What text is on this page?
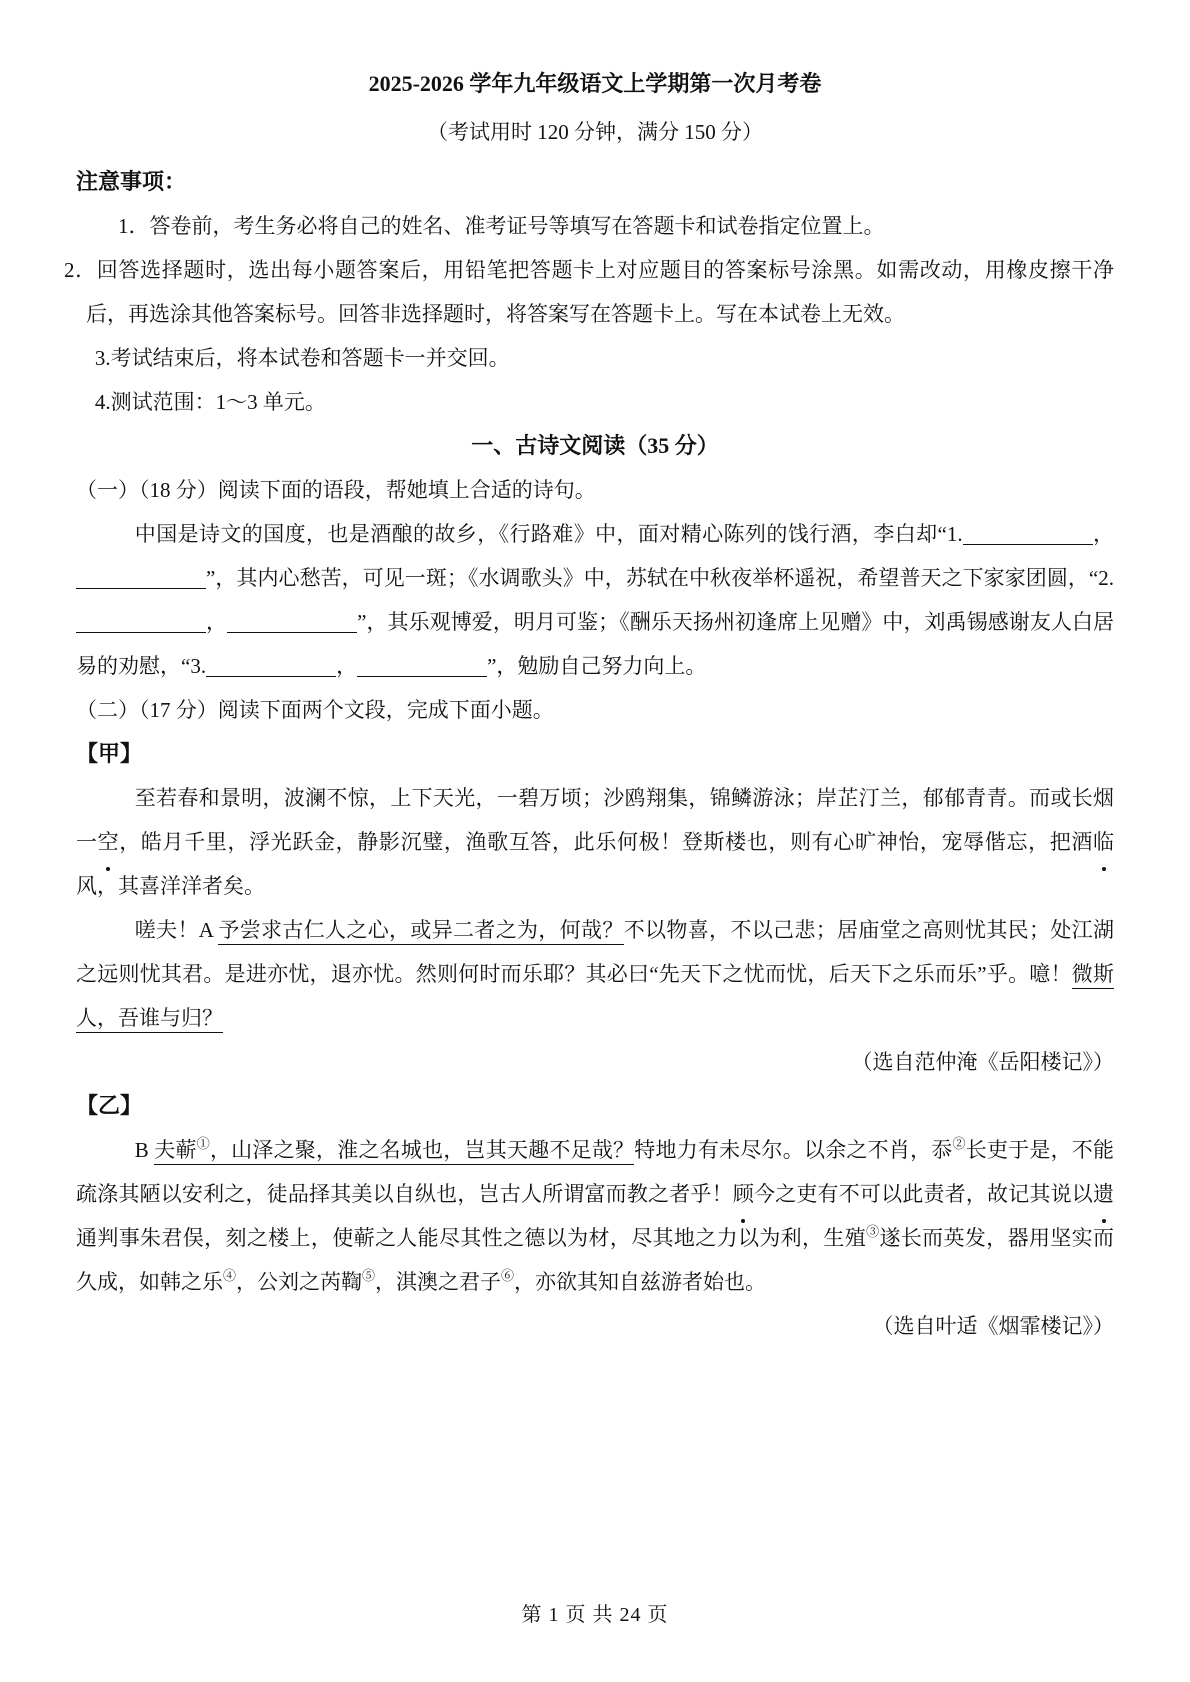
2025-2026 学年九年级语文上学期第一次月考卷
（考试用时 120 分钟，满分 150 分）
注意事项：
1．答卷前，考生务必将自己的姓名、准考证号等填写在答题卡和试卷指定位置上。
2．回答选择题时，选出每小题答案后，用铅笔把答题卡上对应题目的答案标号涂黑。如需改动，用橡皮擦干净后，再选涂其他答案标号。回答非选择题时，将答案写在答题卡上。写在本试卷上无效。
3.考试结束后，将本试卷和答题卡一并交回。
4.测试范围：1～3 单元。
一、古诗文阅读（35 分）
（一）（18 分）阅读下面的语段，帮她填上合适的诗句。
中国是诗文的国度，也是酒酿的故乡，《行路难》中，面对精心陈列的饯行酒，李白却“1.	，”，其内心愁苦，可见一斑；《水调歌头》中，苏轼在中秋夜举杯遥祝，希望普天之下家家团圆，“2.，	”，其乐观博爱，明月可鉴；《酬乐天扬州初逢席上见赠》中，刘禹锡感谢友人白居易的劝慰，“3.	，	”，勉励自己努力向上。
（二）（17 分）阅读下面两个文段，完成下面小题。
【甲】
至若春和景明，波澜不惊，上下天光，一碧万顷；沙鸥翔集，锦鳞游泳；岸芷汀兰，郁郁青青。而或长烟一空，皓月千里，浮光跃金，静影沉璧，渔歌互答，此乐何极！登斯楼也，则有心旷神怡，宠辱偕忘，把酒临风，其喜洋洋者矣。
嗟夫！A 予尝求古仁人之心，或异二者之为，何哉？不以物喜，不以己悲；居庙堂之高则忧其民；处江湖之远则忧其君。是进亦忧，退亦忧。然则何时而乐耶？其必曰“先天下之忧而忧，后天下之乐而乐”乎。噫！微斯人，吾谁与归？
（选自范仲淹《岳阳楼记》）
【乙】
B 夫蕲①，山泽之聚，淮之名城也，岂其天趣不足哉？特地力有未尽尔。以余之不肖，忝②长吏于是，不能疏涤其陋以安利之，徒品择其美以自纵也，岂古人所谓富而教之者乎！顾今之吏有不可以此责者，故记其说以遗通判事朱君俣，刻之楼上，使蕲之人能尽其性之德以为材，尽其地之力以为利，生殖③遂长而英发，器用坚实而久成，如韩之乐④，公刘之芮鞫⑤，淇澳之君子⑥，亦欲其知自兹游者始也。
（选自叶适《烟霏楼记》）
第 1 页 共 24 页
